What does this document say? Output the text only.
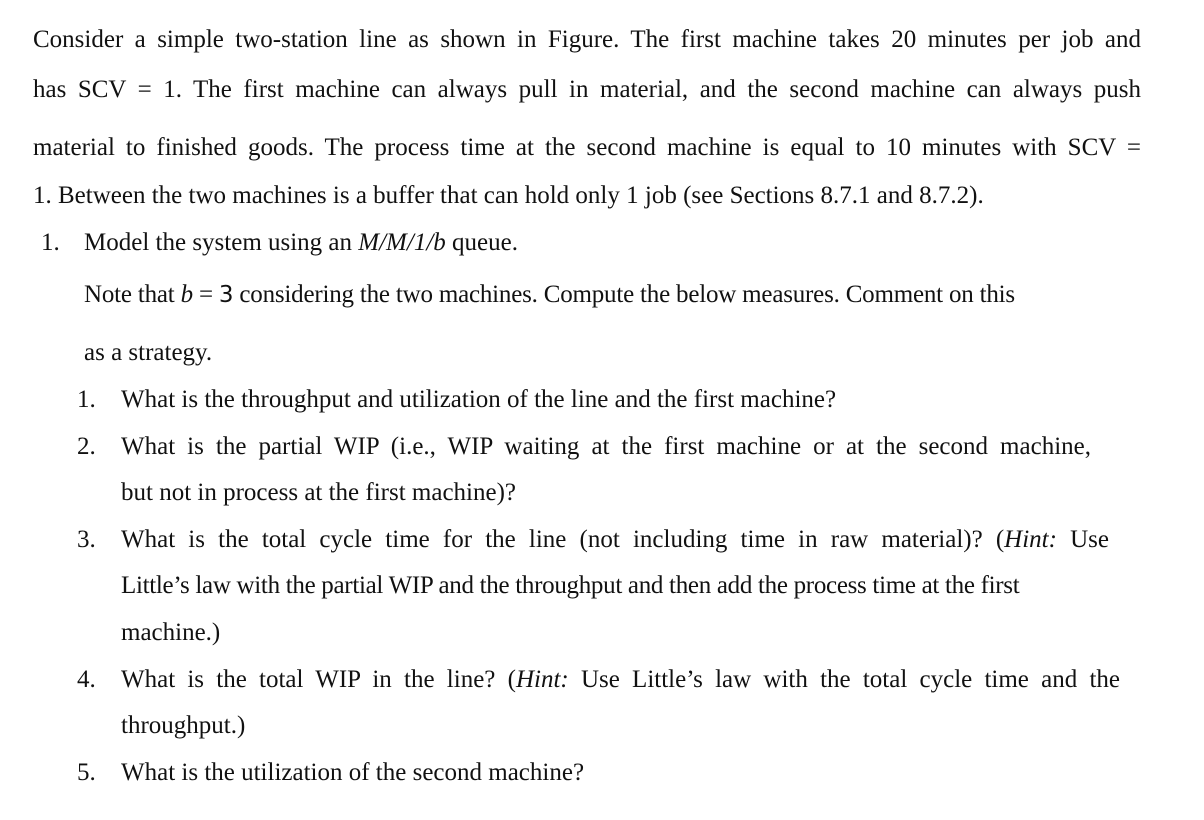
Consider a simple two-station line as shown in Figure. The first machine takes 20 minutes per job and
has SCV = 1. The first machine can always pull in material, and the second machine can always push
material to finished goods. The process time at the second machine is equal to 10 minutes with SCV =
1. Between the two machines is a buffer that can hold only 1 job (see Sections 8.7.1 and 8.7.2).
1. Model the system using an M/M/1/b queue.
Note that b = 3 considering the two machines. Compute the below measures. Comment on this
as a strategy.
1. What is the throughput and utilization of the line and the first machine?
2. What is the partial WIP (i.e., WIP waiting at the first machine or at the second machine,
but not in process at the first machine)?
3. What is the total cycle time for the line (not including time in raw material)? (Hint: Use
Little’s law with the partial WIP and the throughput and then add the process time at the first
machine.)
4. What is the total WIP in the line? (Hint: Use Little’s law with the total cycle time and the
throughput.)
5. What is the utilization of the second machine?
